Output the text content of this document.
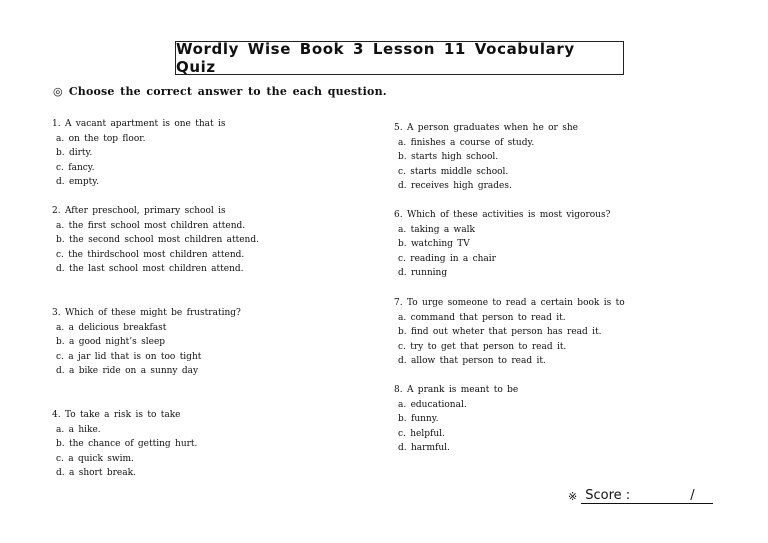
Wordly Wise Book 3 Lesson 11 Vocabulary Quiz
◎ Choose the correct answer to the each question.
1. A vacant apartment is one that is
a. on the top floor.
b. dirty.
c. fancy.
d. empty.
2. After preschool, primary school is
a. the first school most children attend.
b. the second school most children attend.
c. the thirdschool most children attend.
d. the last school most children attend.
3. Which of these might be frustrating?
a. a delicious breakfast
b. a good night’s sleep
c. a jar lid that is on too tight
d. a bike ride on a sunny day
4. To take a risk is to take
a. a hike.
b. the chance of getting hurt.
c. a quick swim.
d. a short break.
5. A person graduates when he or she
a. finishes a course of study.
b. starts high school.
c. starts middle school.
d. receives high grades.
6. Which of these activities is most vigorous?
a. taking a walk
b. watching TV
c. reading in a chair
d. running
7. To urge someone to read a certain book is to
a. command that person to read it.
b. find out wheter that person has read it.
c. try to get that person to read it.
d. allow that person to read it.
8. A prank is meant to be
a. educational.
b. funny.
c. helpful.
d. harmful.
※ Score :	/
